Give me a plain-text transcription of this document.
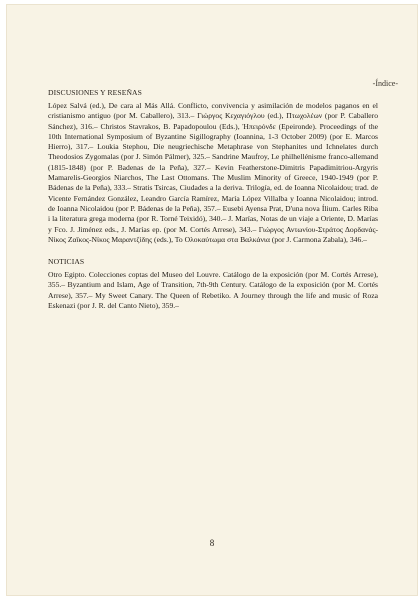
-Índice-
DISCUSIONES Y RESEÑAS
López Salvá (ed.), De cara al Más Allá. Conflicto, convivencia y asimilación de modelos paganos en el cristianismo antiguo (por M. Caballero), 313.– Γιώργος Κεχαγιόγλου (ed.), Πτωχολέων (por P. Caballero Sánchez), 316.– Christos Stavrakos, B. Papadopoulou (Eds.), Ἠπειρόνδε (Epeironde). Proceedings of the 10th International Symposium of Byzantine Sigillography (Ioannina, 1-3 October 2009) (por E. Marcos Hierro), 317.– Loukia Stephou, Die neugriechische Metaphrase von Stephanites und Ichnelates durch Theodosios Zygomalas (por J. Simón Pálmer), 325.– Sandrine Maufroy, Le philhellénisme franco-allemand (1815-1848) (por P. Badenas de la Peña), 327.– Kevin Featherstone-Dimitris Papadimitriou-Argyris Mamarelis-Georgios Niarchos, The Last Ottomans. The Muslim Minority of Greece, 1940-1949 (por P. Bádenas de la Peña), 333.– Stratis Tsircas, Ciudades a la deriva. Trilogía, ed. de Ioanna Nicolaidou; trad. de Vicente Fernández González, Leandro García Ramírez, María López Villalba y Ioanna Nicolaidou; introd. de Ioanna Nicolaidou (por P. Bádenas de la Peña), 357.– Eusebi Ayensa Prat, D'una nova Ílium. Carles Riba i la literatura grega moderna (por R. Torné Teixidó), 340.– J. Marías, Notas de un viaje a Oriente, D. Marías y Fco. J. Jiménez eds., J. Marías ep. (por M. Cortés Arrese), 343.– Γιώργος Αντωνίου-Στράτος Δορδανάς-Νίκος Ζαΐκος-Νίκος Μαραντζίδης (eds.), Το Ολοκαύτωμα στα Βαλκάνια (por J. Carmona Zabala), 346.–
NOTICIAS
Otro Egipto. Colecciones coptas del Museo del Louvre. Catálogo de la exposición (por M. Cortés Arrese), 355.– Byzantium and Islam, Age of Transition, 7th-9th Century. Catálogo de la exposición (por M. Cortés Arrese), 357.– My Sweet Canary. The Queen of Rebetiko. A Journey through the life and music of Roza Eskenazi (por J. R. del Canto Nieto), 359.–
8
